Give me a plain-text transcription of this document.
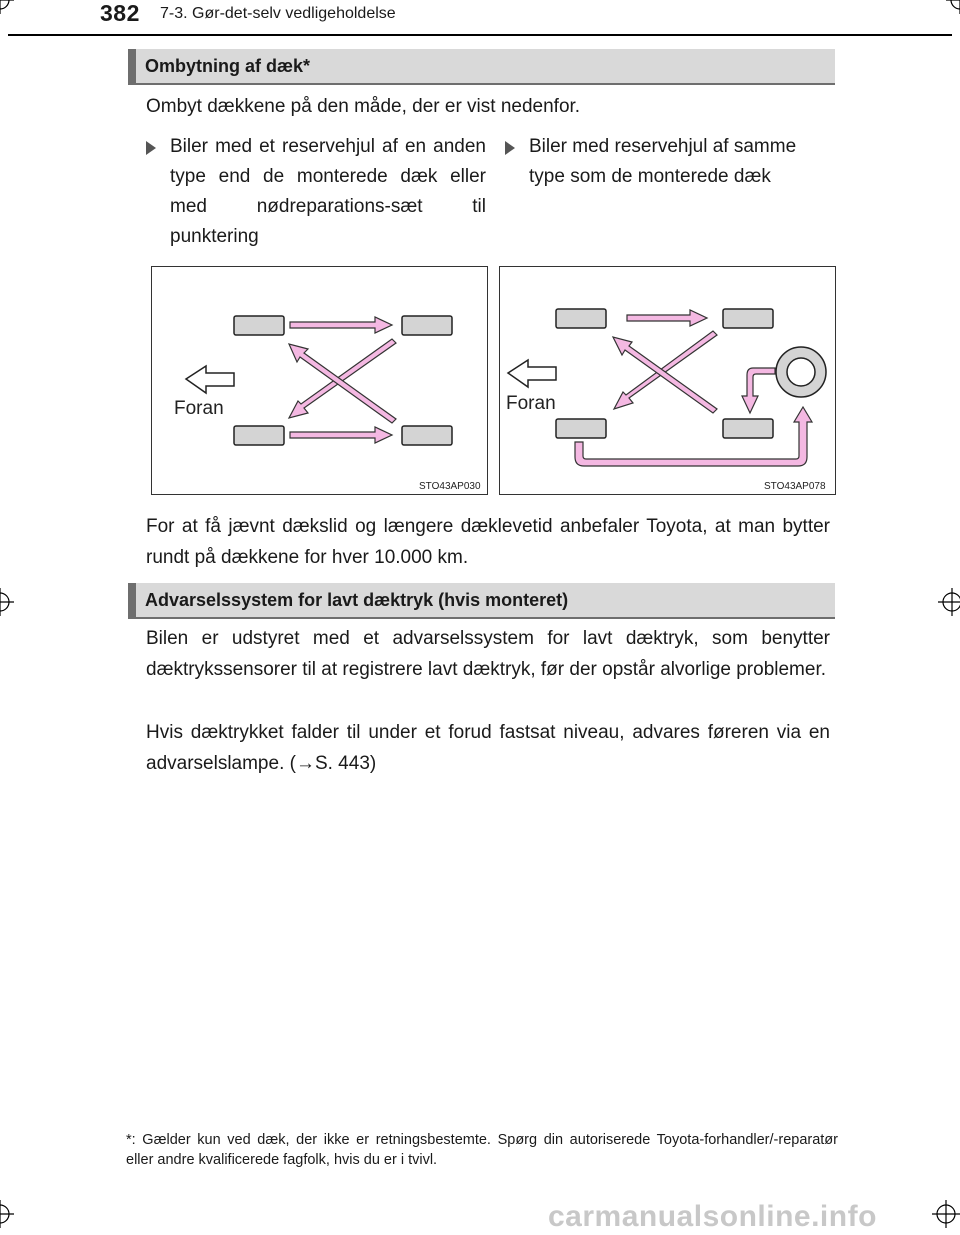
382 7-3. Gør-det-selv vedligeholdelse
Ombytning af dæk*
Ombyt dækkene på den måde, der er vist nedenfor.
Biler med et reservehjul af en anden type end de monterede dæk eller med nødreparations-sæt til punktering
Biler med reservehjul af samme type som de monterede dæk
Foran
STO43AP030
Foran
STO43AP078
For at få jævnt dækslid og længere dæklevetid anbefaler Toyota, at man bytter rundt på dækkene for hver 10.000 km.
Advarselssystem for lavt dæktryk (hvis monteret)
Bilen er udstyret med et advarselssystem for lavt dæktryk, som benytter dæktrykssensorer til at registrere lavt dæktryk, før der opstår alvorlige problemer.
Hvis dæktrykket falder til under et forud fastsat niveau, advares føreren via en advarselslampe. (→S. 443)
*: Gælder kun ved dæk, der ikke er retningsbestemte. Spørg din autoriserede Toyota-forhandler/-reparatør eller andre kvalificerede fagfolk, hvis du er i tvivl.
carmanualsonline.info
